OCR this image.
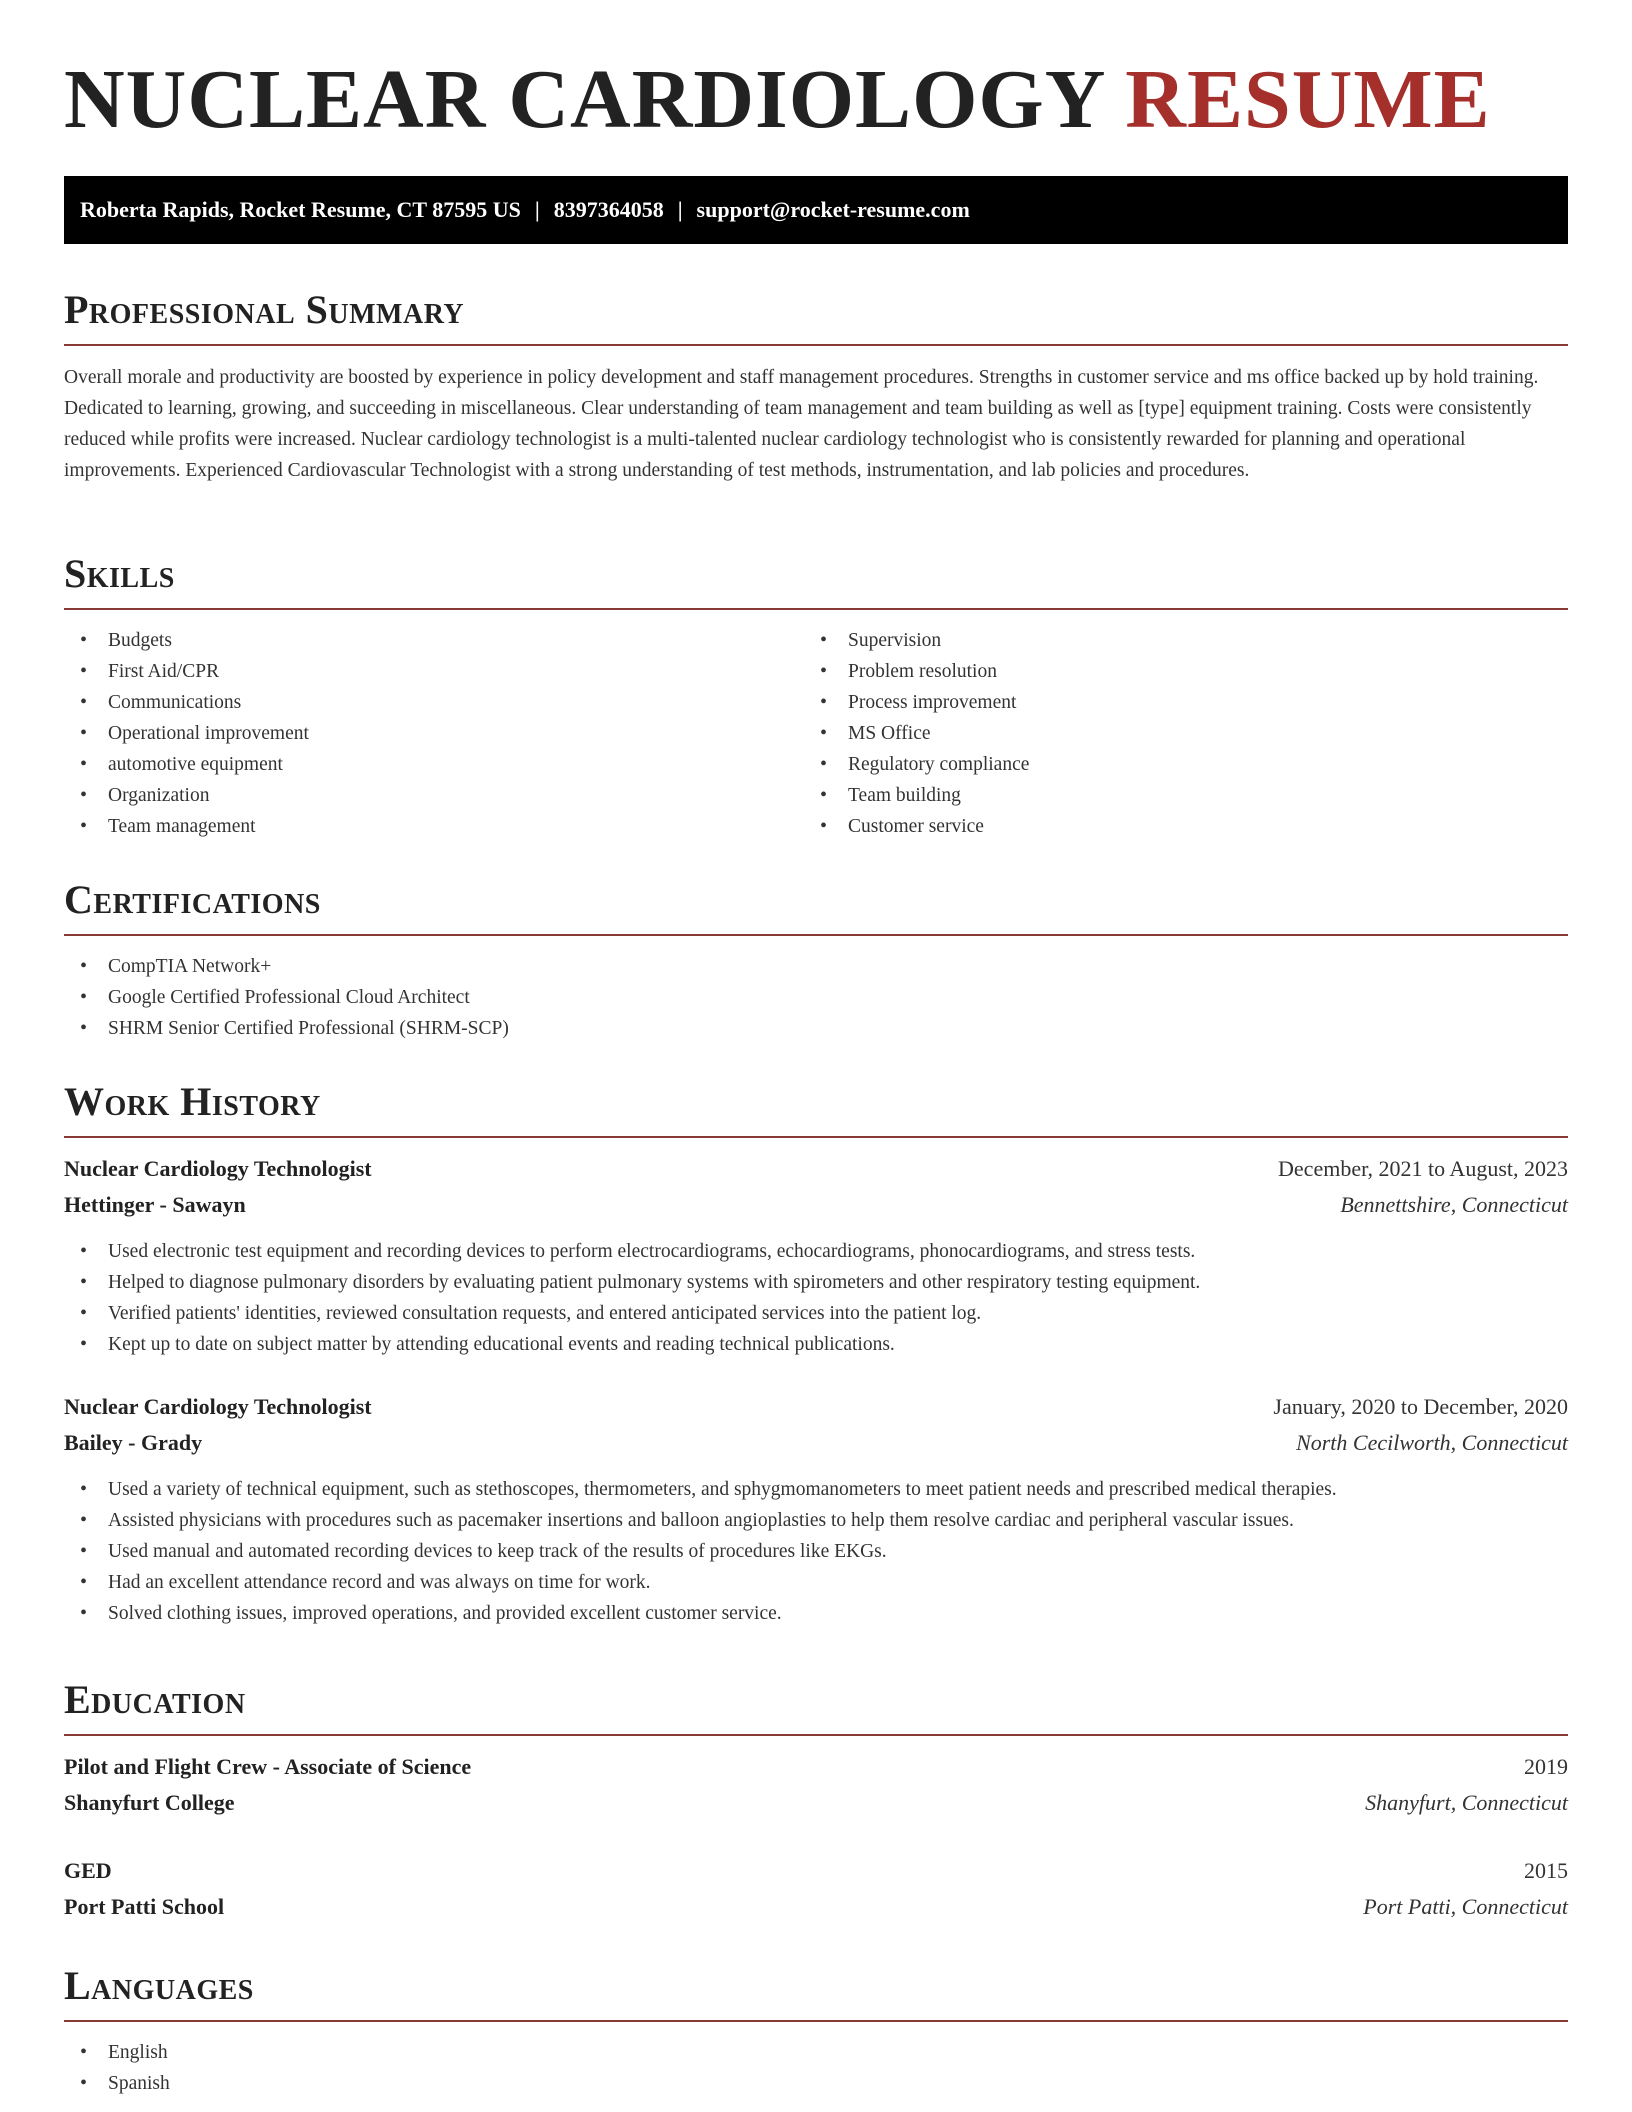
NUCLEAR CARDIOLOGY RESUME
Roberta Rapids, Rocket Resume, CT 87595 US | 8397364058 | support@rocket-resume.com
Professional Summary
Overall morale and productivity are boosted by experience in policy development and staff management procedures. Strengths in customer service and ms office backed up by hold training. Dedicated to learning, growing, and succeeding in miscellaneous. Clear understanding of team management and team building as well as [type] equipment training. Costs were consistently reduced while profits were increased. Nuclear cardiology technologist is a multi-talented nuclear cardiology technologist who is consistently rewarded for planning and operational improvements. Experienced Cardiovascular Technologist with a strong understanding of test methods, instrumentation, and lab policies and procedures.
Skills
• Budgets
• First Aid/CPR
• Communications
• Operational improvement
• automotive equipment
• Organization
• Team management
• Supervision
• Problem resolution
• Process improvement
• MS Office
• Regulatory compliance
• Team building
• Customer service
Certifications
• CompTIA Network+
• Google Certified Professional Cloud Architect
• SHRM Senior Certified Professional (SHRM-SCP)
Work History
Nuclear Cardiology Technologist	December, 2021 to August, 2023
Hettinger - Sawayn	Bennettshire, Connecticut
• Used electronic test equipment and recording devices to perform electrocardiograms, echocardiograms, phonocardiograms, and stress tests.
• Helped to diagnose pulmonary disorders by evaluating patient pulmonary systems with spirometers and other respiratory testing equipment.
• Verified patients' identities, reviewed consultation requests, and entered anticipated services into the patient log.
• Kept up to date on subject matter by attending educational events and reading technical publications.
Nuclear Cardiology Technologist	January, 2020 to December, 2020
Bailey - Grady	North Cecilworth, Connecticut
• Used a variety of technical equipment, such as stethoscopes, thermometers, and sphygmomanometers to meet patient needs and prescribed medical therapies.
• Assisted physicians with procedures such as pacemaker insertions and balloon angioplasties to help them resolve cardiac and peripheral vascular issues.
• Used manual and automated recording devices to keep track of the results of procedures like EKGs.
• Had an excellent attendance record and was always on time for work.
• Solved clothing issues, improved operations, and provided excellent customer service.
Education
Pilot and Flight Crew - Associate of Science	2019
Shanyfurt College	Shanyfurt, Connecticut
GED	2015
Port Patti School	Port Patti, Connecticut
Languages
• English
• Spanish
